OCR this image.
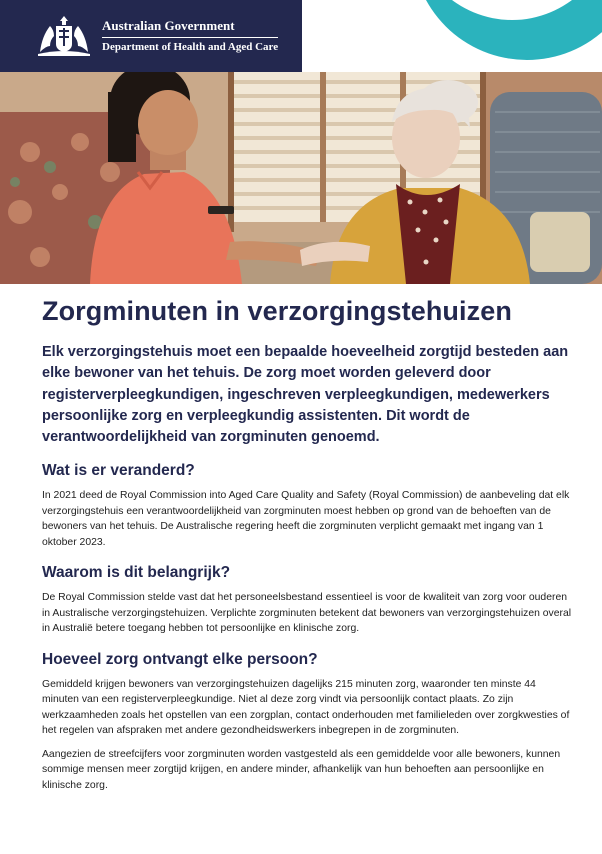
Australian Government
Department of Health and Aged Care
Zorgminuten in verzorgingstehuizen

Elk verzorgingstehuis moet een bepaalde hoeveelheid zorgtijd besteden aan elke bewoner van het tehuis. De zorg moet worden geleverd door registerverpleegkundigen, ingeschreven verpleegkundigen, medewerkers persoonlijke zorg en verpleegkundig assistenten. Dit wordt de verantwoordelijkheid van zorgminuten genoemd.

Wat is er veranderd?

In 2021 deed de Royal Commission into Aged Care Quality and Safety (Royal Commission) de aanbeveling dat elk verzorgingstehuis een verantwoordelijkheid van zorgminuten moest hebben op grond van de behoeften van de bewoners van het tehuis. De Australische regering heeft die zorgminuten verplicht gemaakt met ingang van 1 oktober 2023.

Waarom is dit belangrijk?

De Royal Commission stelde vast dat het personeelsbestand essentieel is voor de kwaliteit van zorg voor ouderen in Australische verzorgingstehuizen. Verplichte zorgminuten betekent dat bewoners van verzorgingstehuizen overal in Australië betere toegang hebben tot persoonlijke en klinische zorg.

Hoeveel zorg ontvangt elke persoon?

Gemiddeld krijgen bewoners van verzorgingstehuizen dagelijks 215 minuten zorg, waaronder ten minste 44 minuten van een registerverpleegkundige. Niet al deze zorg vindt via persoonlijk contact plaats. Zo zijn werkzaamheden zoals het opstellen van een zorgplan, contact onderhouden met familieleden over zorgkwesties of het regelen van afspraken met andere gezondheidswerkers inbegrepen in de zorgminuten.

Aangezien de streefcijfers voor zorgminuten worden vastgesteld als een gemiddelde voor alle bewoners, kunnen sommige mensen meer zorgtijd krijgen, en andere minder, afhankelijk van hun behoeften aan persoonlijke en klinische zorg.
